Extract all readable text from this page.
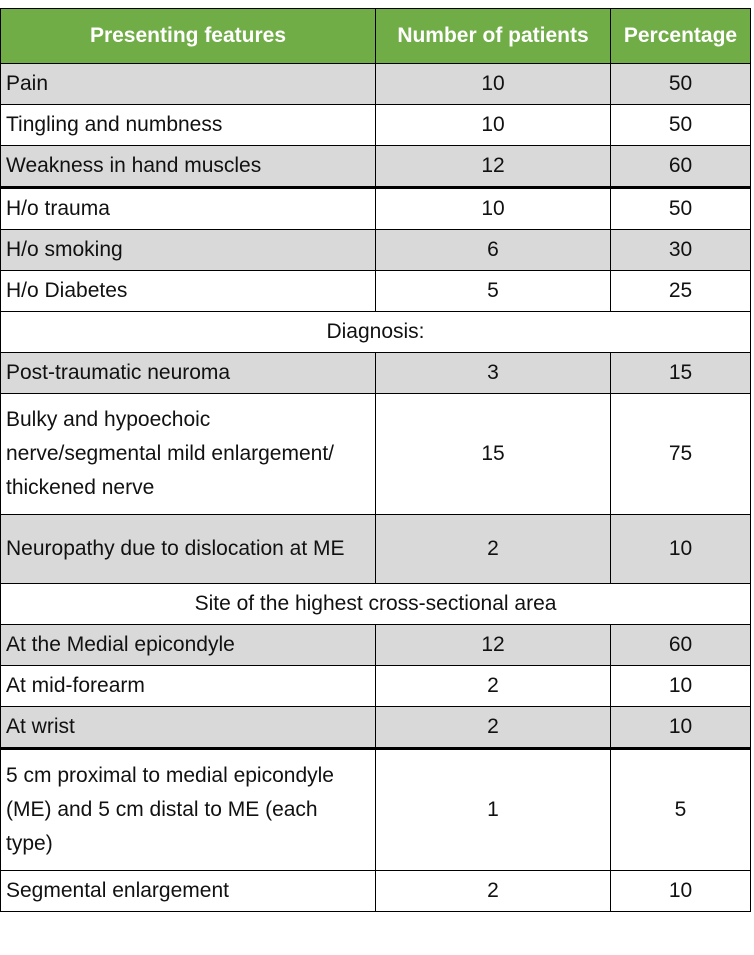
Presenting features	Number of patients	Percentage
Pain	10	50
Tingling and numbness	10	50
Weakness in hand muscles	12	60
H/o trauma	10	50
H/o smoking	6	30
H/o Diabetes	5	25
Diagnosis:		
Post-traumatic neuroma	3	15
Bulky and hypoechoic nerve/segmental mild enlargement/ thickened nerve	15	75
Neuropathy due to dislocation at ME	2	10
Site of the highest cross-sectional area		
At the Medial epicondyle	12	60
At mid-forearm	2	10
At wrist	2	10
5 cm proximal to medial epicondyle (ME) and 5 cm distal to ME (each type)	1	5
Segmental enlargement	2	10
